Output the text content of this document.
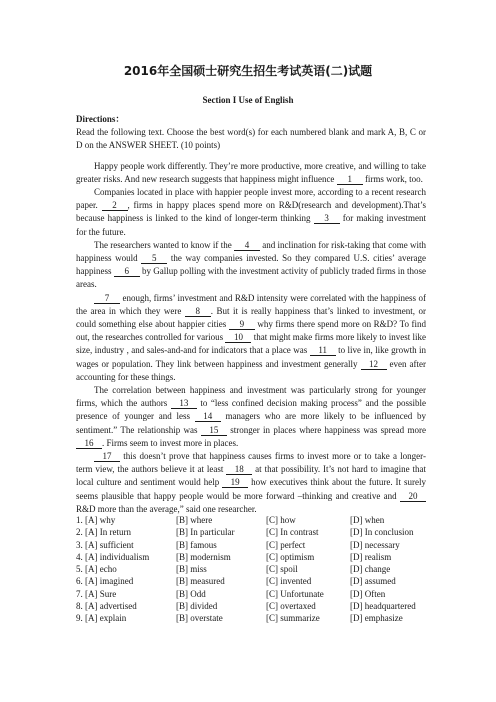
2016年全国硕士研究生招生考试英语(二)试题
Section I Use of English

Directions：

Read the following text. Choose the best word(s) for each numbered blank and mark A, B, C or D on the ANSWER SHEET. (10 points)

Happy people work differently. They’re more productive, more creative, and willing to take greater risks. And new research suggests that happiness might influence 1 firms work, too.

Companies located in place with happier people invest more, according to a recent research paper. 2 , firms in happy places spend more on R&D(research and development).That’s because happiness is linked to the kind of longer-term thinking 3 for making investment for the future.

The researchers wanted to know if the 4 and inclination for risk-taking that come with happiness would 5 the way companies invested. So they compared U.S. cities’ average happiness 6 by Gallup polling with the investment activity of publicly traded firms in those areas.

7 enough, firms’ investment and R&D intensity were correlated with the happiness of the area in which they were 8 . But it is really happiness that’s linked to investment, or could something else about happier cities 9 why firms there spend more on R&D? To find out, the researches controlled for various 10 that might make firms more likely to invest like size, industry , and sales-and-and for indicators that a place was 11 to live in, like growth in wages or population. They link between happiness and investment generally 12 even after accounting for these things.

The correlation between happiness and investment was particularly strong for younger firms, which the authors 13 to “less confined decision making process” and the possible presence of younger and less 14 managers who are more likely to be influenced by sentiment.” The relationship was 15 stronger in places where happiness was spread more 16 . Firms seem to invest more in places.

17 this doesn’t prove that happiness causes firms to invest more or to take a longer-term view, the authors believe it at least 18 at that possibility. It’s not hard to imagine that local culture and sentiment would help 19 how executives think about the future. It surely seems plausible that happy people would be more forward –thinking and creative and 20 R&D more than the average,” said one researcher.

1. [A] why	[B] where	[C] how	[D] when
2. [A] In return	[B] In particular	[C] In contrast	[D] In conclusion
3. [A] sufficient	[B] famous	[C] perfect	[D] necessary
4. [A] individualism	[B] modernism	[C] optimism	[D] realism
5. [A] echo	[B] miss	[C] spoil	[D] change
6. [A] imagined	[B] measured	[C] invented	[D] assumed
7. [A] Sure	[B] Odd	[C] Unfortunate	[D] Often
8. [A] advertised	[B] divided	[C] overtaxed	[D] headquartered
9. [A] explain	[B] overstate	[C] summarize	[D] emphasize
